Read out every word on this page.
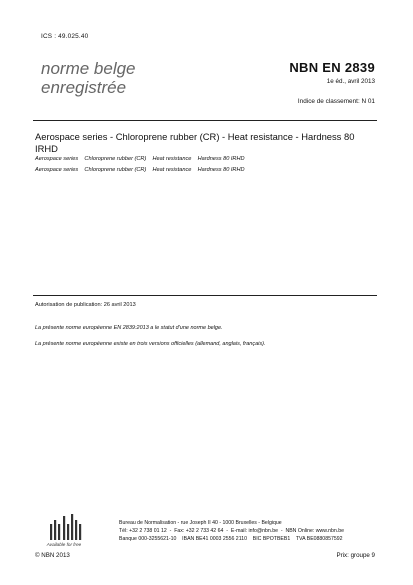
ICS : 49.025.40
norme belge
enregistrée
NBN EN 2839
1e éd., avril 2013
Indice de classement: N 01
Aerospace series - Chloroprene rubber (CR) - Heat resistance - Hardness 80 IRHD
Aerospace series    Chloroprene rubber (CR)    Heat resistance    Hardness 80 IRHD
Aerospace series    Chloroprene rubber (CR)    Heat resistance    Hardness 80 IRHD
Autorisation de publication: 26 avril 2013
La présente norme européenne EN 2839:2013 a le statut d'une norme belge.
La présente norme européenne existe en trois versions officielles (allemand, anglais, français).
Available for free
Bureau de Normalisation - rue Joseph II 40 - 1000 Bruxelles - Belgique
Tél: +32 2 738 01 12  -  Fax: +32 2 733 42 64  -  E-mail: info@nbn.be  -  NBN Online: www.nbn.be
Banque 000-3255621-10    IBAN BE41 0003 2556 2110    BIC BPOTBEB1    TVA BE0880857592
© NBN 2013	Prix: groupe 9
